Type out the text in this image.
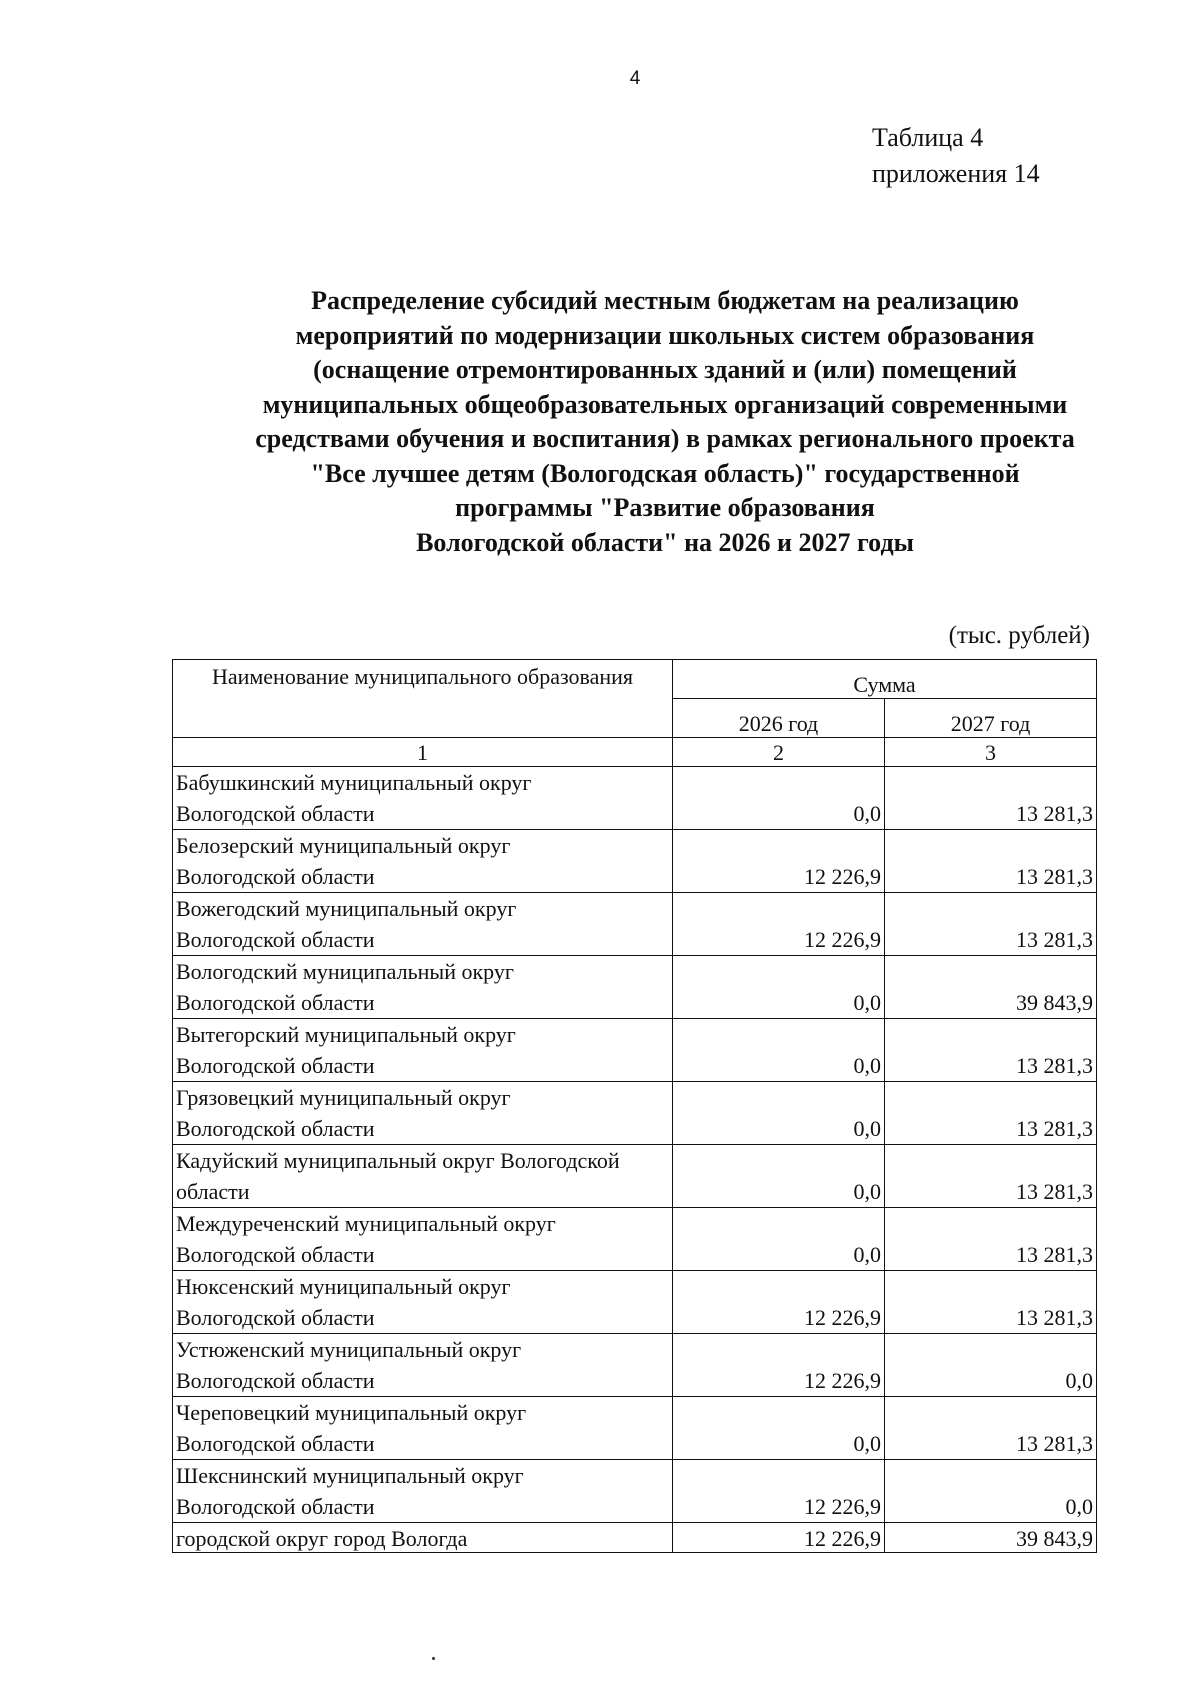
4
Таблица 4
приложения 14
Распределение субсидий местным бюджетам на реализацию
мероприятий по модернизации школьных систем образования
(оснащение отремонтированных зданий и (или) помещений
муниципальных общеобразовательных организаций современными
средствами обучения и воспитания) в рамках регионального проекта
"Все лучшее детям (Вологодская область)" государственной
программы "Развитие образования
Вологодской области" на 2026 и 2027 годы
(тыс. рублей)
Наименование муниципального образования	Сумма	
	2026 год	2027 год
1	2	3

Бабушкинский муниципальный округ
Вологодской области	0,0	13 281,3

Белозерский муниципальный округ
Вологодской области	12 226,9	13 281,3

Вожегодский муниципальный округ
Вологодской области	12 226,9	13 281,3

Вологодский муниципальный округ
Вологодской области	0,0	39 843,9

Вытегорский муниципальный округ
Вологодской области	0,0	13 281,3

Грязовецкий муниципальный округ
Вологодской области	0,0	13 281,3

Кадуйский муниципальный округ Вологодской
области	0,0	13 281,3

Междуреченский муниципальный округ
Вологодской области	0,0	13 281,3

Нюксенский муниципальный округ
Вологодской области	12 226,9	13 281,3

Устюженский муниципальный округ
Вологодской области	12 226,9	0,0

Череповецкий муниципальный округ
Вологодской области	0,0	13 281,3

Шекснинский муниципальный округ
Вологодской области	12 226,9	0,0
городской округ город Вологда	12 226,9	39 843,9
